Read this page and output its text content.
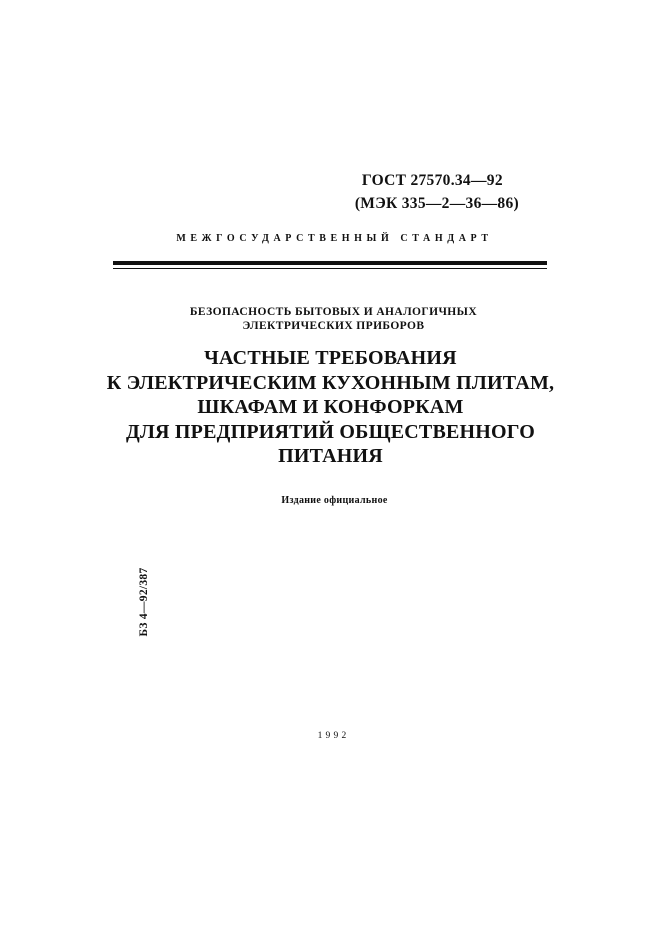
ГОСТ 27570.34—92
(МЭК 335—2—36—86)
МЕЖГОСУДАРСТВЕННЫЙ СТАНДАРТ
БЕЗОПАСНОСТЬ БЫТОВЫХ И АНАЛОГИЧНЫХ
ЭЛЕКТРИЧЕСКИХ ПРИБОРОВ
ЧАСТНЫЕ ТРЕБОВАНИЯ
К ЭЛЕКТРИЧЕСКИМ КУХОННЫМ ПЛИТАМ,
ШКАФАМ И КОНФОРКАМ
ДЛЯ ПРЕДПРИЯТИЙ ОБЩЕСТВЕННОГО
ПИТАНИЯ
Издание официальное
БЗ 4—92/387
1992
